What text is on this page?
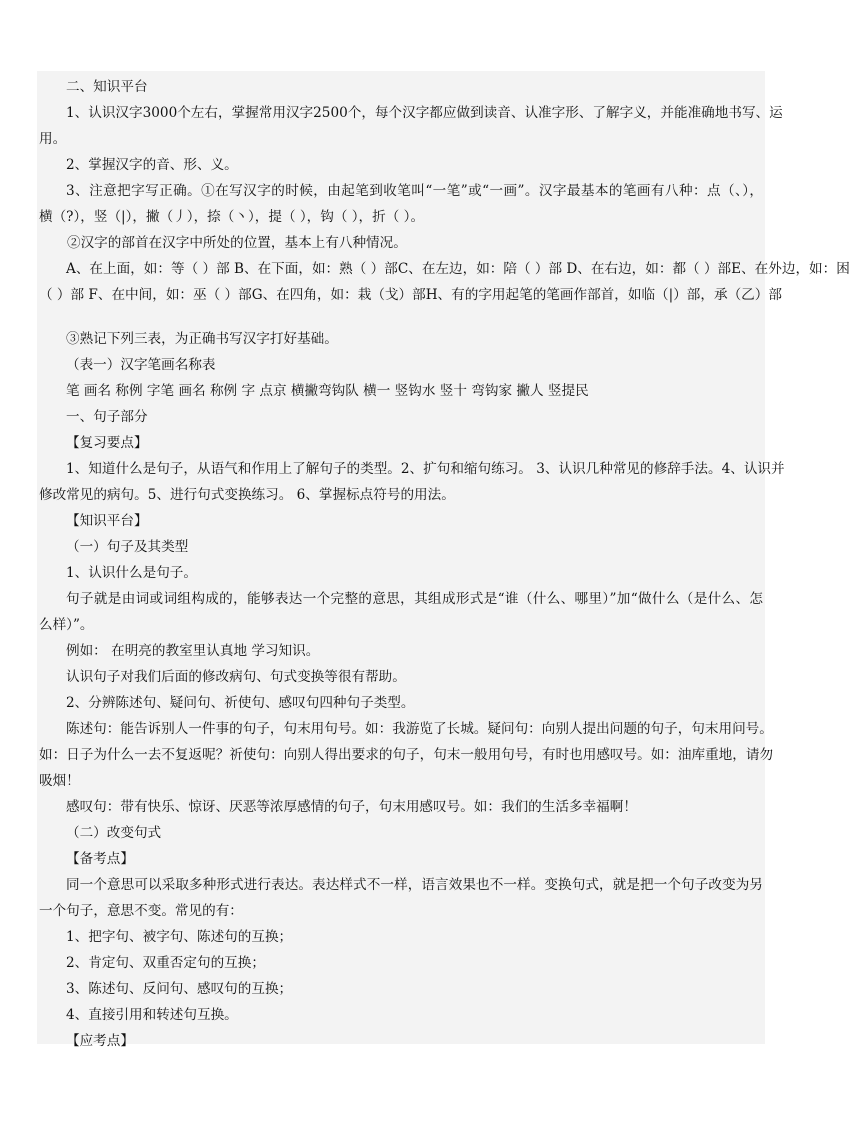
二、知识平台

1、认识汉字3000个左右，掌握常用汉字2500个，每个汉字都应做到读音、认准字形、了解字义，并能准确地书写、运

用。

2、掌握汉字的音、形、义。

3、注意把字写正确。①在写汉字的时候，由起笔到收笔叫“一笔”或“一画”。汉字最基本的笔画有八种：点（、），

横（?），竖（|），撇（丿），捺（丶），提（ ），钩（ ），折（ ）。

②汉字的部首在汉字中所处的位置，基本上有八种情况。

A、在上面，如：等（ ）部 B、在下面，如：熟（ ）部C、在左边，如：陪（ ）部 D、在右边，如：都（ ）部E、在外边，如：困

（ ）部 F、在中间，如：巫（ ）部G、在四角，如：栽（戈）部H、有的字用起笔的笔画作部首，如临（|）部，承（乙）部

③熟记下列三表，为正确书写汉字打好基础。

（表一）汉字笔画名称表

笔 画名 称例 字笔 画名 称例 字 点京 横撇弯钩队 横一 竖钩水 竖十 弯钩家 撇人 竖提民

一、句子部分

【复习要点】

1、知道什么是句子，从语气和作用上了解句子的类型。2、扩句和缩句练习。 3、认识几种常见的修辞手法。4、认识并

修改常见的病句。5、进行句式变换练习。 6、掌握标点符号的用法。

【知识平台】

（一）句子及其类型

1、认识什么是句子。

句子就是由词或词组构成的，能够表达一个完整的意思，其组成形式是“谁（什么、哪里）”加“做什么（是什么、怎

么样）”。

例如： 在明亮的教室里认真地 学习知识。

认识句子对我们后面的修改病句、句式变换等很有帮助。

2、分辨陈述句、疑问句、祈使句、感叹句四种句子类型。

陈述句：能告诉别人一件事的句子，句末用句号。如：我游览了长城。疑问句：向别人提出问题的句子，句末用问号。

如：日子为什么一去不复返呢？祈使句：向别人得出要求的句子，句末一般用句号，有时也用感叹号。如：油库重地，请勿

吸烟！

感叹句：带有快乐、惊讶、厌恶等浓厚感情的句子，句末用感叹号。如：我们的生活多幸福啊！

（二）改变句式

【备考点】

同一个意思可以采取多种形式进行表达。表达样式不一样，语言效果也不一样。变换句式，就是把一个句子改变为另

一个句子，意思不变。常见的有：

1、把字句、被字句、陈述句的互换；

2、肯定句、双重否定句的互换；

3、陈述句、反问句、感叹句的互换；

4、直接引用和转述句互换。

【应考点】
